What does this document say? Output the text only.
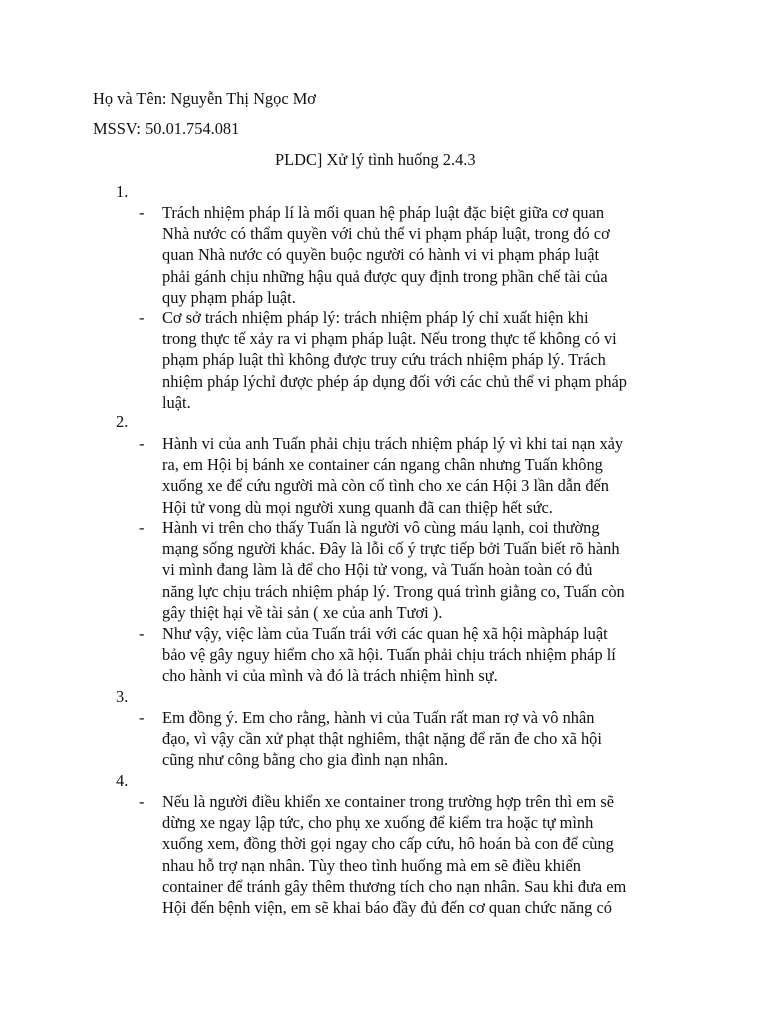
Họ và Tên: Nguyễn Thị Ngọc Mơ
MSSV: 50.01.754.081
PLDC] Xử lý tình huống 2.4.3
1.
- Trách nhiệm pháp lí là mối quan hệ pháp luật đặc biệt giữa cơ quan
Nhà nước có thẩm quyền với chủ thể vi phạm pháp luật, trong đó cơ
quan Nhà nước có quyền buộc người có hành vi vi phạm pháp luật
phải gánh chịu những hậu quả được quy định trong phần chế tài của
quy phạm pháp luật.
- Cơ sở trách nhiệm pháp lý: trách nhiệm pháp lý chỉ xuất hiện khi
trong thực tế xảy ra vi phạm pháp luật. Nếu trong thực tế không có vi
phạm pháp luật thì không được truy cứu trách nhiệm pháp lý. Trách
nhiệm pháp lýchỉ được phép áp dụng đối với các chủ thể vi phạm pháp
luật.
2.
- Hành vi của anh Tuấn phải chịu trách nhiệm pháp lý vì khi tai nạn xảy
ra, em Hội bị bánh xe container cán ngang chân nhưng Tuấn không
xuống xe để cứu người mà còn cố tình cho xe cán Hội 3 lần dẫn đến
Hội tử vong dù mọi người xung quanh đã can thiệp hết sức.
- Hành vi trên cho thấy Tuấn là người vô cùng máu lạnh, coi thường
mạng sống người khác. Đây là lỗi cố ý trực tiếp bởi Tuấn biết rõ hành
vi mình đang làm là để cho Hội tử vong, và Tuấn hoàn toàn có đủ
năng lực chịu trách nhiệm pháp lý. Trong quá trình giằng co, Tuấn còn
gây thiệt hại về tài sản ( xe của anh Tươi ).
- Như vậy, việc làm của Tuấn trái với các quan hệ xã hội màpháp luật
bảo vệ gây nguy hiểm cho xã hội. Tuấn phải chịu trách nhiệm pháp lí
cho hành vi của mình và đó là trách nhiệm hình sự.
3.
- Em đồng ý. Em cho rằng, hành vi của Tuấn rất man rợ và vô nhân
đạo, vì vậy cần xử phạt thật nghiêm, thật nặng để răn đe cho xã hội
cũng như công bằng cho gia đình nạn nhân.
4.
- Nếu là người điều khiển xe container trong trường hợp trên thì em sẽ
dừng xe ngay lập tức, cho phụ xe xuống để kiểm tra hoặc tự mình
xuống xem, đồng thời gọi ngay cho cấp cứu, hô hoán bà con để cùng
nhau hỗ trợ nạn nhân. Tùy theo tình huống mà em sẽ điều khiển
container để tránh gây thêm thương tích cho nạn nhân. Sau khi đưa em
Hội đến bệnh viện, em sẽ khai báo đầy đủ đến cơ quan chức năng có
